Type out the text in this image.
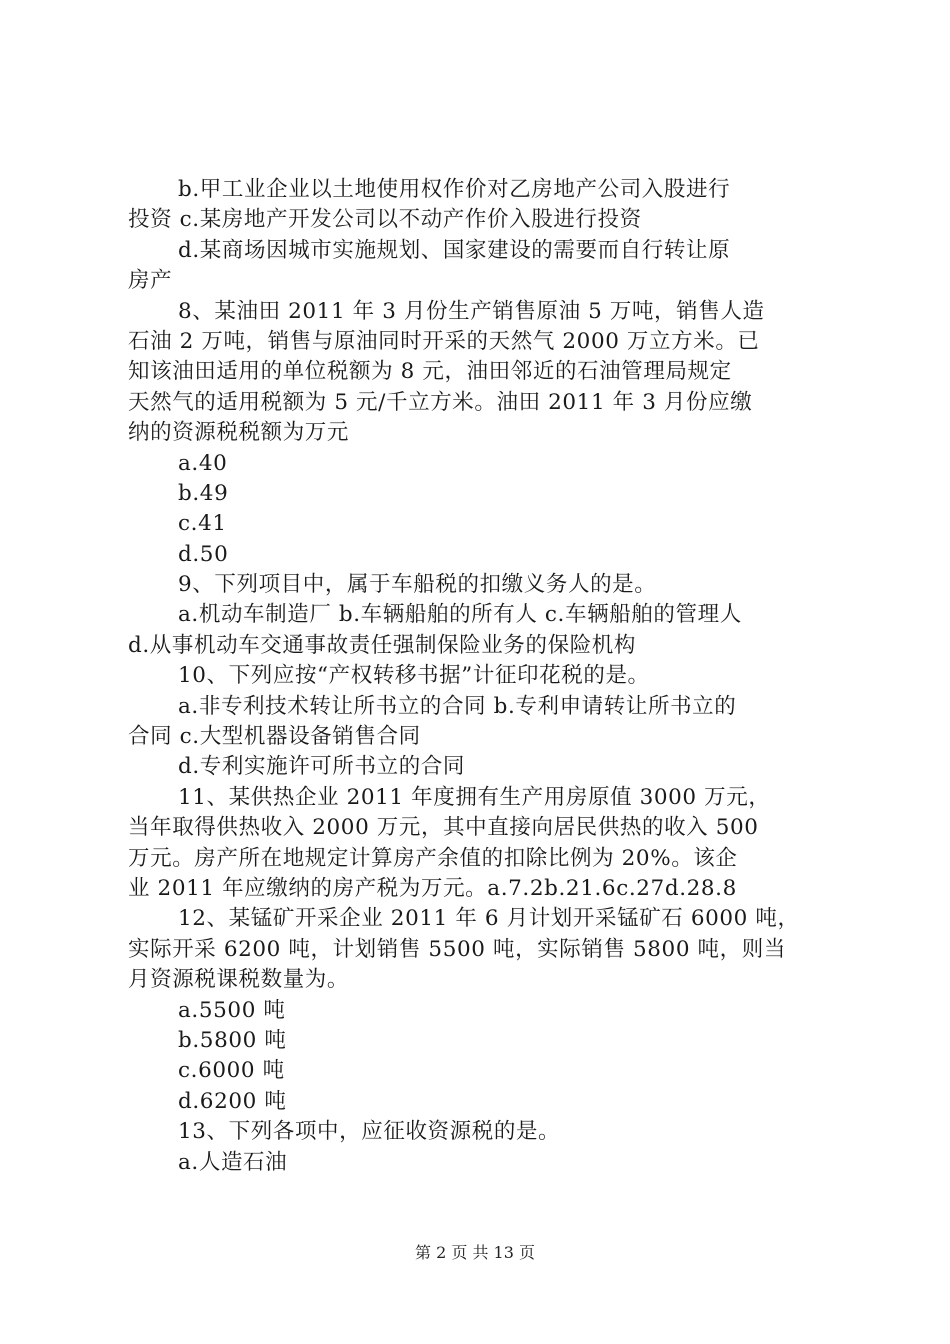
b.甲工业企业以土地使用权作价对乙房地产公司入股进行
投资 c.某房地产开发公司以不动产作价入股进行投资
d.某商场因城市实施规划、国家建设的需要而自行转让原
房产
8、某油田 2011 年 3 月份生产销售原油 5 万吨，销售人造
石油 2 万吨，销售与原油同时开采的天然气 2000 万立方米。已
知该油田适用的单位税额为 8 元，油田邻近的石油管理局规定
天然气的适用税额为 5 元/千立方米。油田 2011 年 3 月份应缴
纳的资源税税额为万元
a.40
b.49
c.41
d.50
9、下列项目中，属于车船税的扣缴义务人的是。
a.机动车制造厂 b.车辆船舶的所有人 c.车辆船舶的管理人
d.从事机动车交通事故责任强制保险业务的保险机构
10、下列应按“产权转移书据”计征印花税的是。
a.非专利技术转让所书立的合同 b.专利申请转让所书立的
合同 c.大型机器设备销售合同
d.专利实施许可所书立的合同
11、某供热企业 2011 年度拥有生产用房原值 3000 万元，
当年取得供热收入 2000 万元，其中直接向居民供热的收入 500
万元。房产所在地规定计算房产余值的扣除比例为 20%。该企
业 2011 年应缴纳的房产税为万元。a.7.2b.21.6c.27d.28.8
12、某锰矿开采企业 2011 年 6 月计划开采锰矿石 6000 吨，
实际开采 6200 吨，计划销售 5500 吨，实际销售 5800 吨，则当
月资源税课税数量为。
a.5500 吨
b.5800 吨
c.6000 吨
d.6200 吨
13、下列各项中，应征收资源税的是。
a.人造石油
第 2 页 共 13 页
